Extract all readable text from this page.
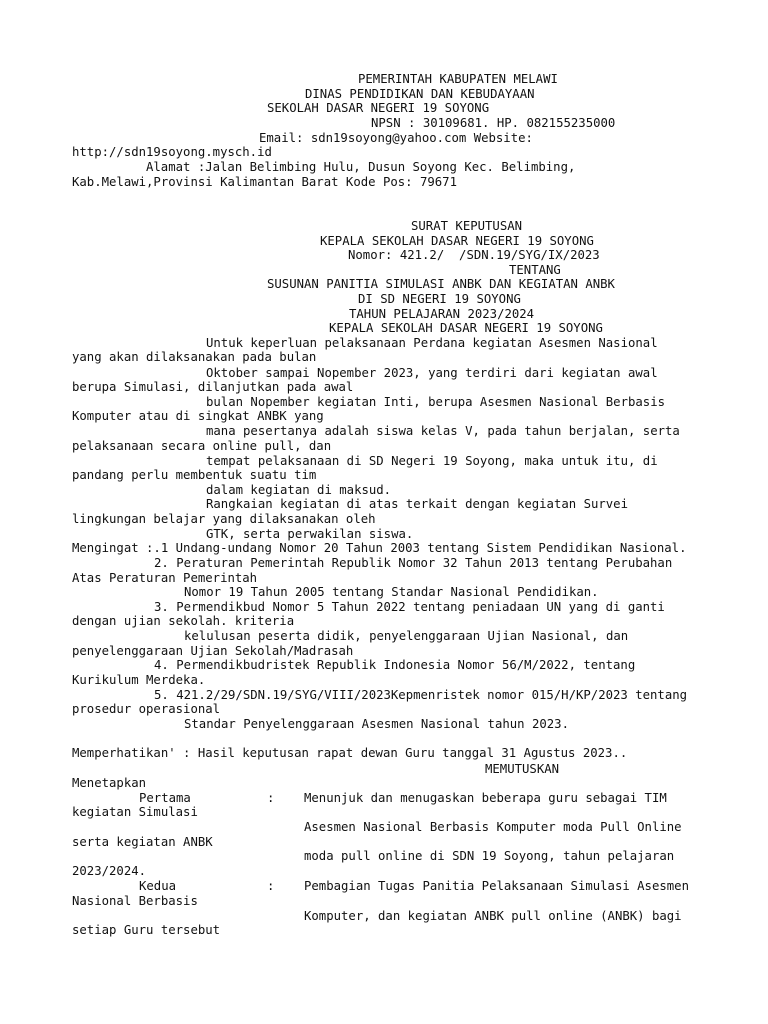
PEMERINTAH KABUPATEN MELAWI
DINAS PENDIDIKAN DAN KEBUDAYAAN
SEKOLAH DASAR NEGERI 19 SOYONG
NPSN : 30109681. HP. 082155235000
Email: sdn19soyong@yahoo.com Website:
http://sdn19soyong.mysch.id
Alamat :Jalan Belimbing Hulu, Dusun Soyong Kec. Belimbing,
Kab.Melawi,Provinsi Kalimantan Barat Kode Pos: 79671
SURAT KEPUTUSAN
KEPALA SEKOLAH DASAR NEGERI 19 SOYONG
Nomor: 421.2/  /SDN.19/SYG/IX/2023
TENTANG
SUSUNAN PANITIA SIMULASI ANBK DAN KEGIATAN ANBK
DI SD NEGERI 19 SOYONG
TAHUN PELAJARAN 2023/2024
KEPALA SEKOLAH DASAR NEGERI 19 SOYONG
Untuk keperluan pelaksanaan Perdana kegiatan Asesmen Nasional
yang akan dilaksanakan pada bulan
Oktober sampai Nopember 2023, yang terdiri dari kegiatan awal
berupa Simulasi, dilanjutkan pada awal
bulan Nopember kegiatan Inti, berupa Asesmen Nasional Berbasis
Komputer atau di singkat ANBK yang
mana pesertanya adalah siswa kelas V, pada tahun berjalan, serta
pelaksanaan secara online pull, dan
tempat pelaksanaan di SD Negeri 19 Soyong, maka untuk itu, di
pandang perlu membentuk suatu tim
dalam kegiatan di maksud.
Rangkaian kegiatan di atas terkait dengan kegiatan Survei
lingkungan belajar yang dilaksanakan oleh
GTK, serta perwakilan siswa.
Mengingat :.1 Undang-undang Nomor 20 Tahun 2003 tentang Sistem Pendidikan Nasional.
2. Peraturan Pemerintah Republik Nomor 32 Tahun 2013 tentang Perubahan
Atas Peraturan Pemerintah
Nomor 19 Tahun 2005 tentang Standar Nasional Pendidikan.
3. Permendikbud Nomor 5 Tahun 2022 tentang peniadaan UN yang di ganti
dengan ujian sekolah. kriteria
kelulusan peserta didik, penyelenggaraan Ujian Nasional, dan
penyelenggaraan Ujian Sekolah/Madrasah
4. Permendikbudristek Republik Indonesia Nomor 56/M/2022, tentang
Kurikulum Merdeka.
5. 421.2/29/SDN.19/SYG/VIII/2023Kepmenristek nomor 015/H/KP/2023 tentang
prosedur operasional
Standar Penyelenggaraan Asesmen Nasional tahun 2023.
Memperhatikan' : Hasil keputusan rapat dewan Guru tanggal 31 Agustus 2023..
MEMUTUSKAN
Menetapkan
Pertama	: Menunjuk dan menugaskan beberapa guru sebagai TIM
kegiatan Simulasi
Asesmen Nasional Berbasis Komputer moda Pull Online
serta kegiatan ANBK
moda pull online di SDN 19 Soyong, tahun pelajaran
2023/2024.
Kedua	: Pembagian Tugas Panitia Pelaksanaan Simulasi Asesmen
Nasional Berbasis
Komputer, dan kegiatan ANBK pull online (ANBK) bagi
setiap Guru tersebut
